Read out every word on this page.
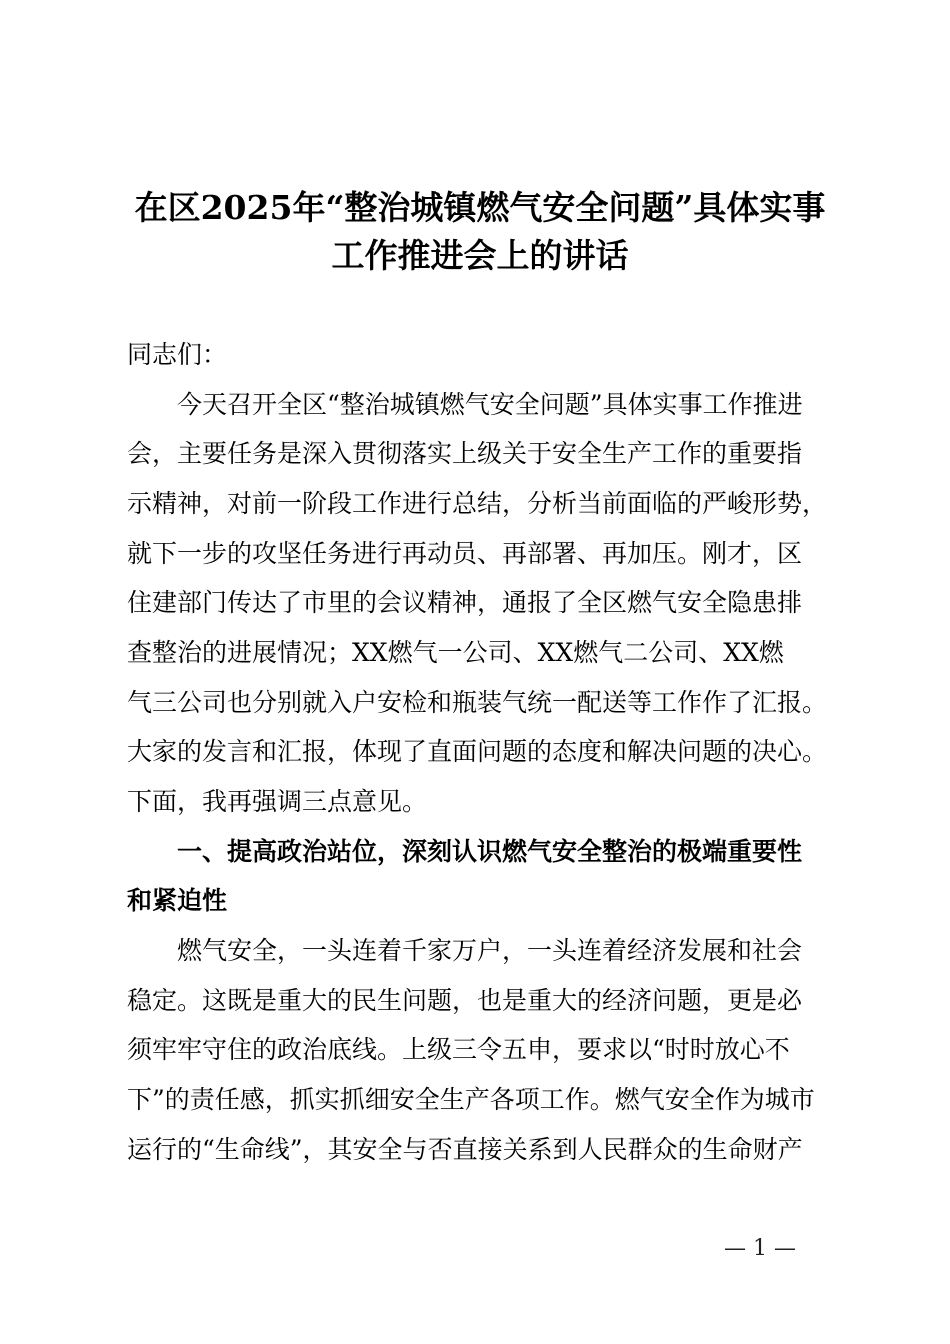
在区2025年“整治城镇燃气安全问题”具体实事
工作推进会上的讲话
同志们：
今天召开全区“整治城镇燃气安全问题”具体实事工作推进
会，主要任务是深入贯彻落实上级关于安全生产工作的重要指
示精神，对前一阶段工作进行总结，分析当前面临的严峻形势，
就下一步的攻坚任务进行再动员、再部署、再加压。刚才，区
住建部门传达了市里的会议精神，通报了全区燃气安全隐患排
查整治的进展情况；XX燃气一公司、XX燃气二公司、XX燃
气三公司也分别就入户安检和瓶装气统一配送等工作作了汇报。
大家的发言和汇报，体现了直面问题的态度和解决问题的决心。
下面，我再强调三点意见。
一、提高政治站位，深刻认识燃气安全整治的极端重要性
和紧迫性
燃气安全，一头连着千家万户，一头连着经济发展和社会
稳定。这既是重大的民生问题，也是重大的经济问题，更是必
须牢牢守住的政治底线。上级三令五申，要求以“时时放心不
下”的责任感，抓实抓细安全生产各项工作。燃气安全作为城市
运行的“生命线”，其安全与否直接关系到人民群众的生命财产
— 1 —
